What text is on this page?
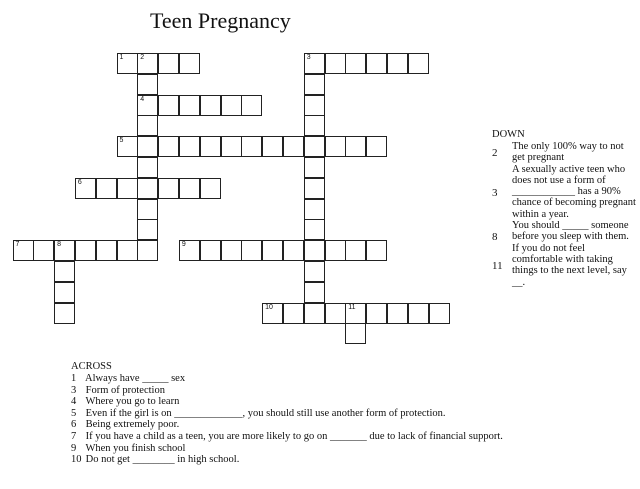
Teen Pregnancy
1 2	3
4
5
6
7	8	9
10	11
DOWN
2
The only 100% way to not get pregnant
3
A sexually active teen who does not use a form of ____________ has a 90% chance of becoming pregnant within a year.
8
You should _____ someone before you sleep with them.
11
If you do not feel comfortable with taking things to the next level, say __.
ACROSS
1 Always have _____ sex
3 Form of protection
4 Where you go to learn
5 Even if the girl is on _____________, you should still use another form of protection.
6 Being extremely poor.
7 If you have a child as a teen, you are more likely to go on _______ due to lack of financial support.
9 When you finish school
10 Do not get ________ in high school.
